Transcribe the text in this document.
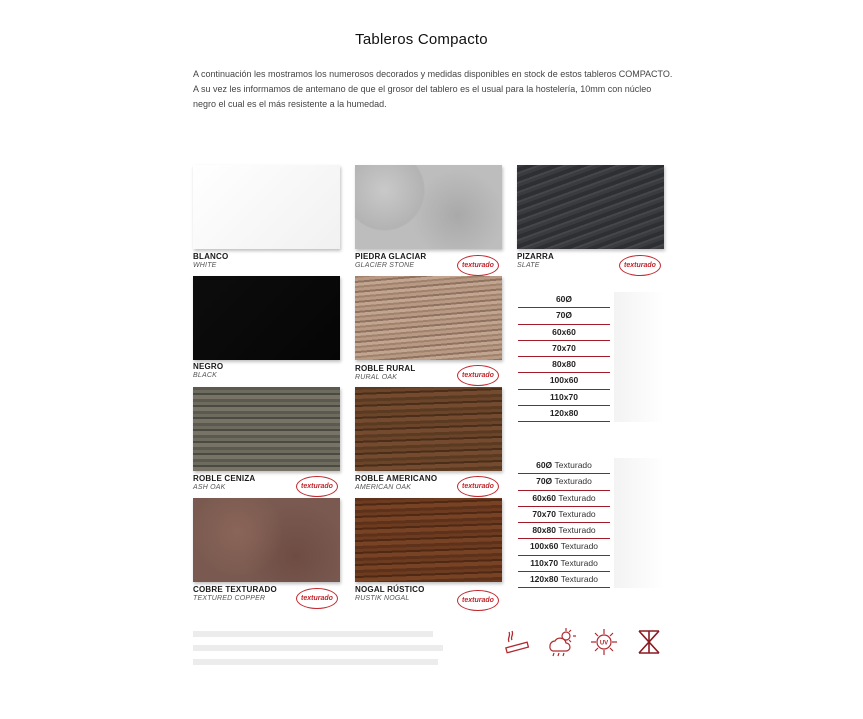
Tableros Compacto
A continuación les mostramos los numerosos decorados y medidas disponibles en stock de estos tableros COMPACTO. A su vez les informamos de antemano de que el grosor del tablero es el usual para la hostelería, 10mm con núcleo negro el cual es el más resistente a la humedad.
BLANCO
WHITE
PIEDRA GLACIAR
GLACIER STONE	texturado
PIZARRA
SLATE	texturado
NEGRO
BLACK
ROBLE RURAL
RURAL OAK	texturado
60Ø
70Ø
60x60
70x70
80x80
100x60
110x70
120x80
ROBLE CENIZA
ASH OAK	texturado
ROBLE AMERICANO
AMERICAN OAK	texturado
COBRE TEXTURADO
TEXTURED COPPER	texturado
NOGAL RÚSTICO
RUSTIK NOGAL	texturado
60Ø Texturado
70Ø Texturado
60x60 Texturado
70x70 Texturado
80x80 Texturado
100x60 Texturado
110x70 Texturado
120x80 Texturado
UV
